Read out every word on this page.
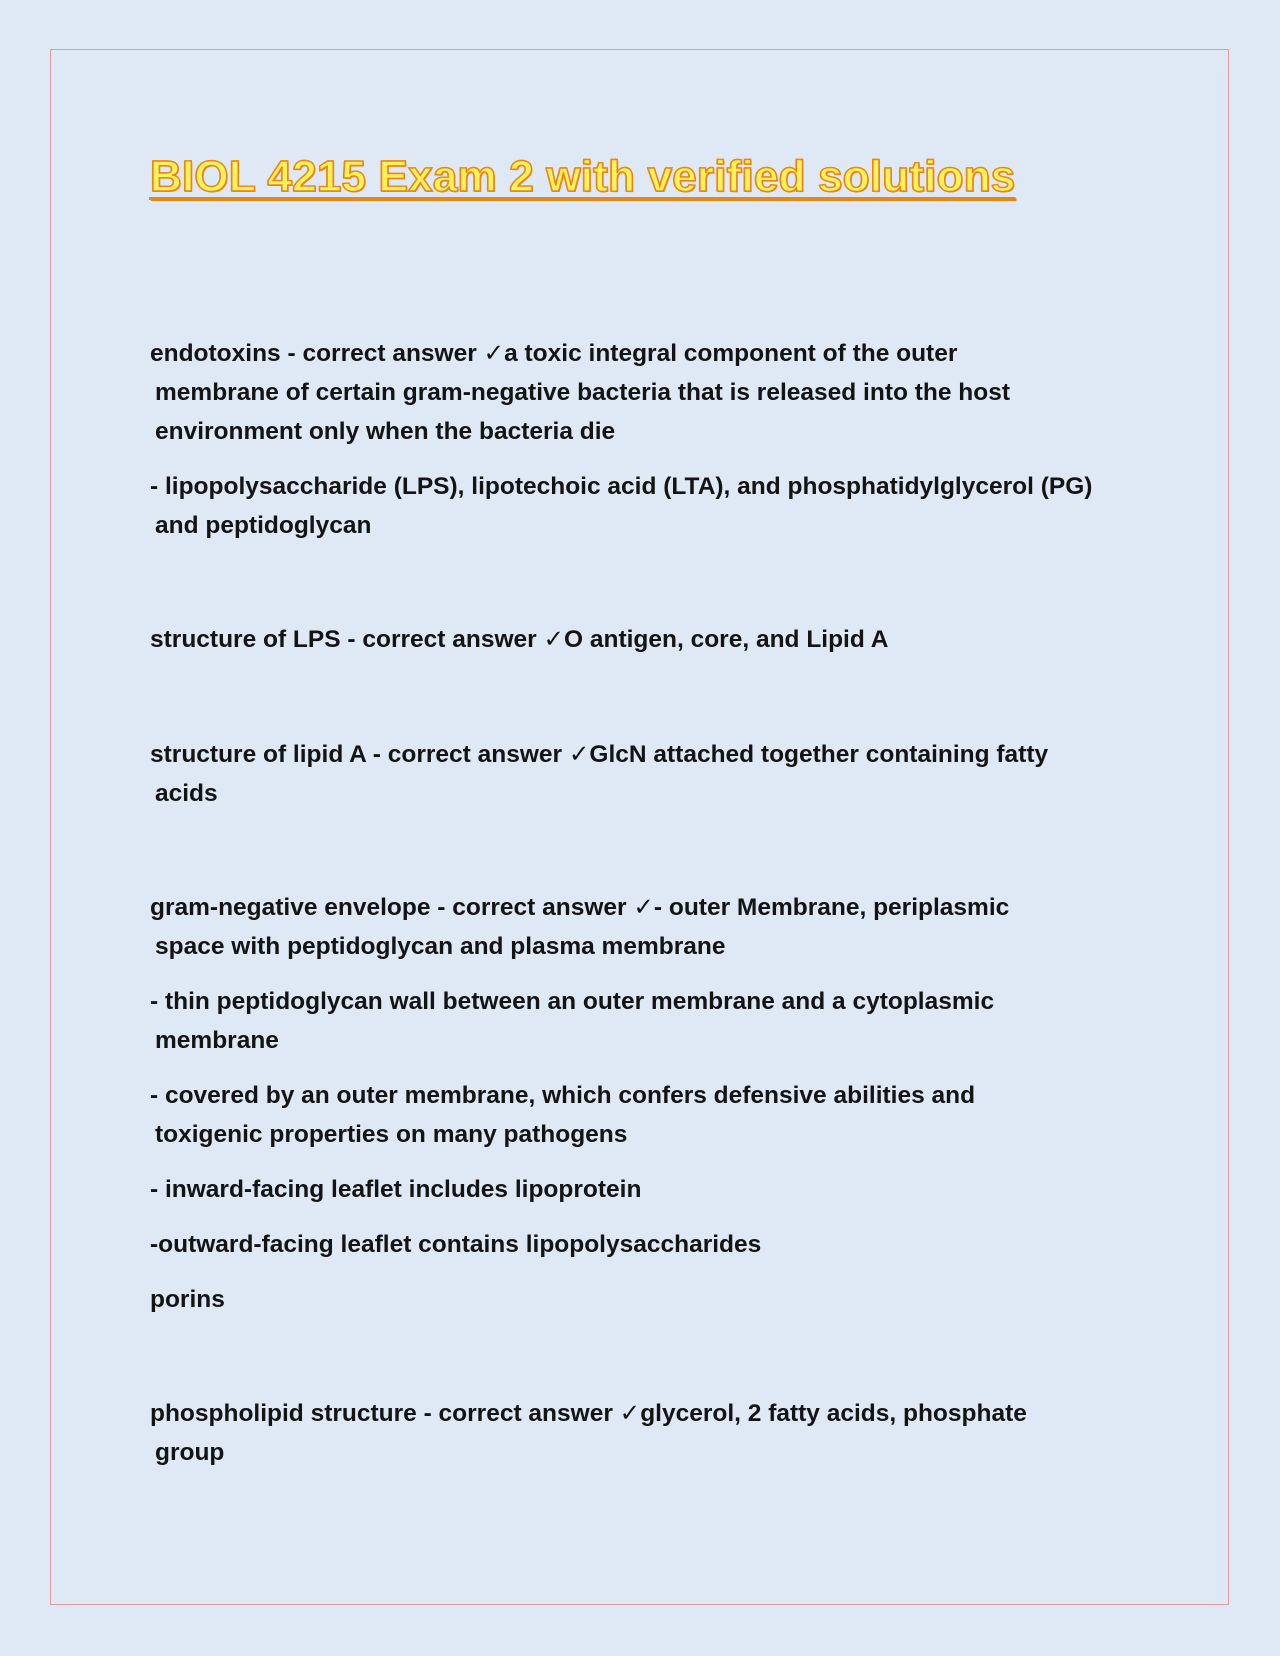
BIOL 4215 Exam 2 with verified solutions

endotoxins - correct answer ✓a toxic integral component of the outer

membrane of certain gram-negative bacteria that is released into the host

environment only when the bacteria die

- lipopolysaccharide (LPS), lipotechoic acid (LTA), and phosphatidylglycerol (PG)

and peptidoglycan

structure of LPS - correct answer ✓O antigen, core, and Lipid A

structure of lipid A - correct answer ✓GlcN attached together containing fatty

acids

gram-negative envelope - correct answer ✓- outer Membrane, periplasmic

space with peptidoglycan and plasma membrane

- thin peptidoglycan wall between an outer membrane and a cytoplasmic

membrane

- covered by an outer membrane, which confers defensive abilities and

toxigenic properties on many pathogens

- inward-facing leaflet includes lipoprotein

-outward-facing leaflet contains lipopolysaccharides

porins

phospholipid structure - correct answer ✓glycerol, 2 fatty acids, phosphate

group
